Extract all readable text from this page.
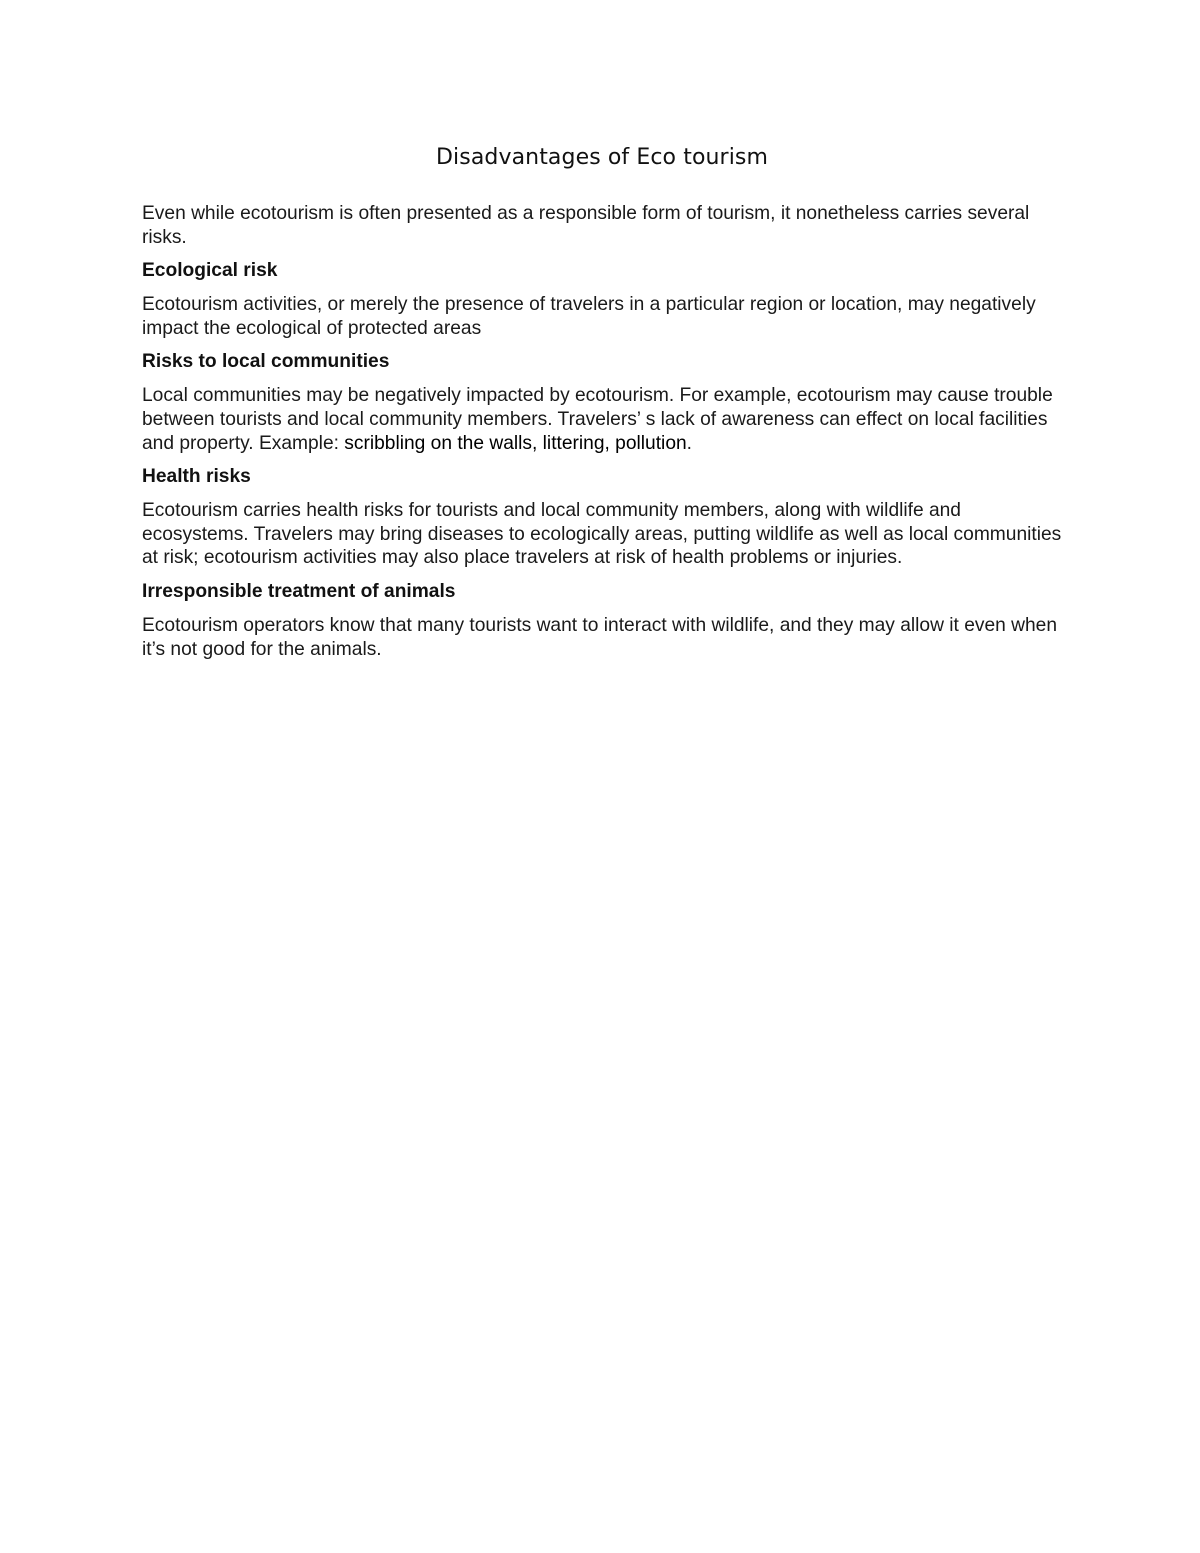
Disadvantages of Eco tourism

Even while ecotourism is often presented as a responsible form of tourism, it nonetheless carries several risks.

Ecological risk

Ecotourism activities, or merely the presence of travelers in a particular region or location, may negatively impact the ecological of protected areas

Risks to local communities

Local communities may be negatively impacted by ecotourism. For example, ecotourism may cause trouble between tourists and local community members. Travelers’ s lack of awareness can effect on local facilities and property. Example: scribbling on the walls, littering, pollution.

Health risks

Ecotourism carries health risks for tourists and local community members, along with wildlife and ecosystems. Travelers may bring diseases to ecologically areas, putting wildlife as well as local communities at risk; ecotourism activities may also place travelers at risk of health problems or injuries.

Irresponsible treatment of animals

Ecotourism operators know that many tourists want to interact with wildlife, and they may allow it even when it’s not good for the animals.
